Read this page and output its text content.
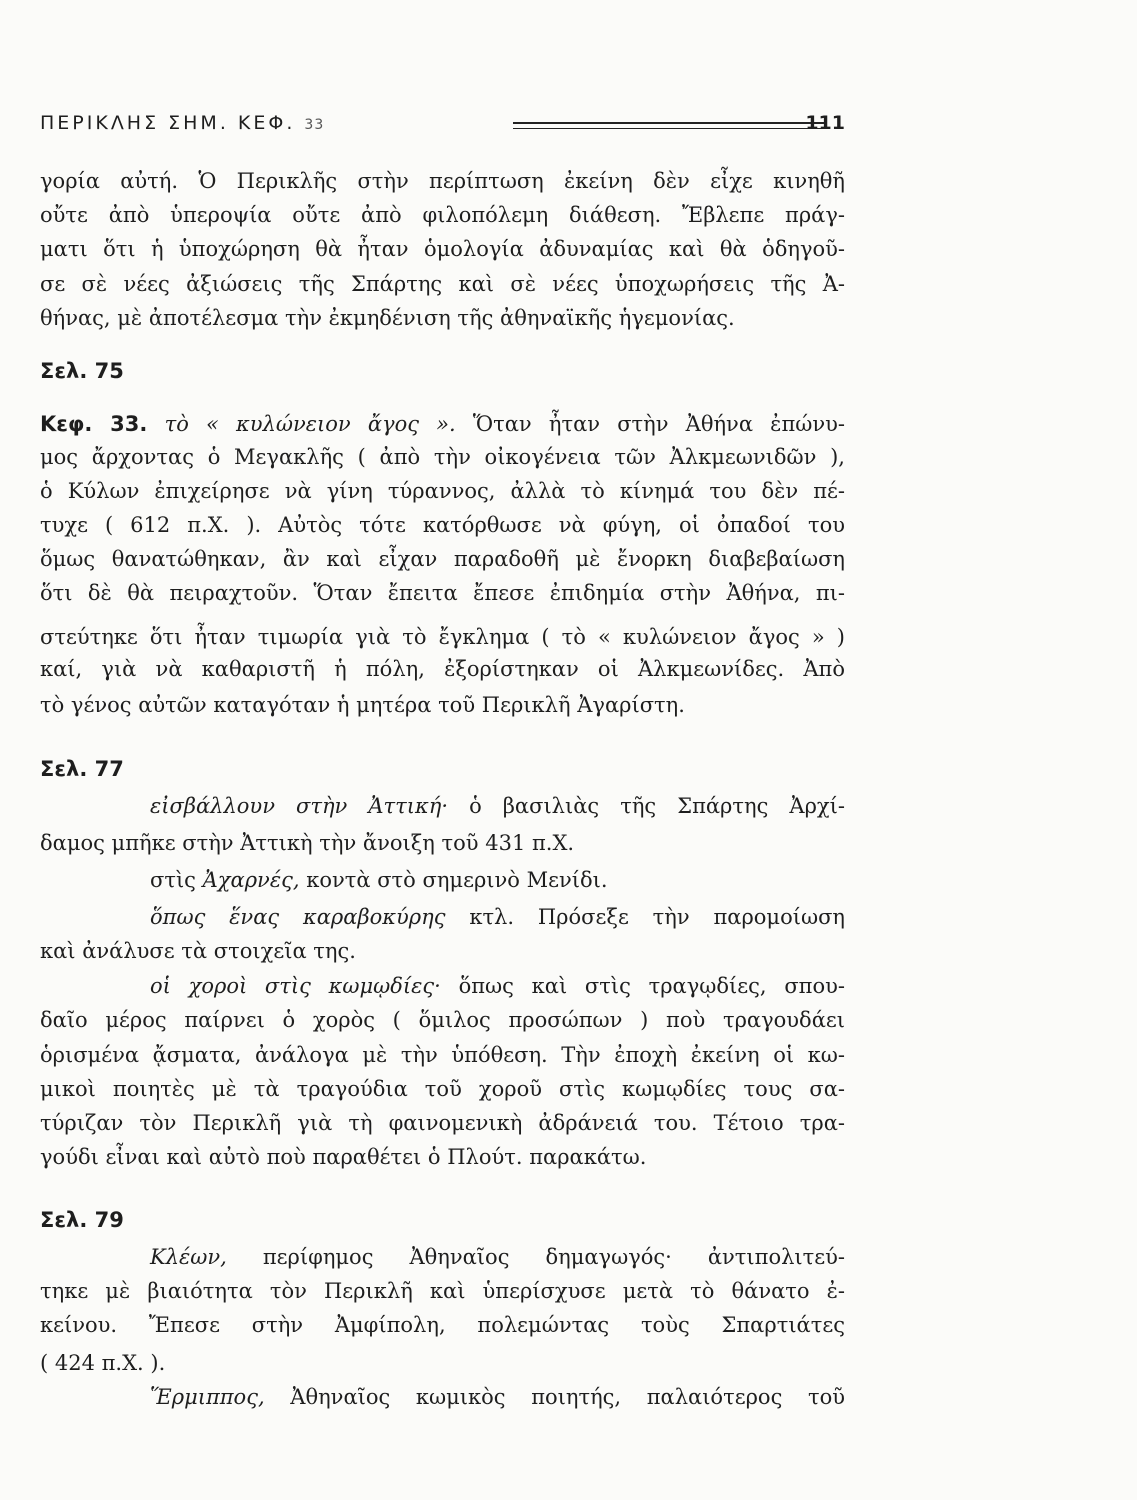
ΠΕΡΙΚΛΗΣ ΣΗΜ. ΚΕΦ. 33	111
γορία αὐτή. Ὁ Περικλῆς στὴν περίπτωση ἐκείνη δὲν εἶχε κινηθῆ
οὔτε ἀπὸ ὑπεροψία οὔτε ἀπὸ φιλοπόλεμη διάθεση. Ἔβλεπε πράγ-
ματι ὅτι ἡ ὑποχώρηση θὰ ἦταν ὁμολογία ἀδυναμίας καὶ θὰ ὁδηγοῦ-
σε σὲ νέες ἀξιώσεις τῆς Σπάρτης καὶ σὲ νέες ὑποχωρήσεις τῆς Ἀ-
θήνας, μὲ ἀποτέλεσμα τὴν ἐκμηδένιση τῆς ἀθηναϊκῆς ἡγεμονίας.
Σελ. 75
Κεφ. 33. τὸ « κυλώνειον ἄγος ». Ὅταν ἦταν στὴν Ἀθήνα ἐπώνυ-
μος ἄρχοντας ὁ Μεγακλῆς ( ἀπὸ τὴν οἰκογένεια τῶν Ἀλκμεωνιδῶν ),
ὁ Κύλων ἐπιχείρησε νὰ γίνη τύραννος, ἀλλὰ τὸ κίνημά του δὲν πέ-
τυχε ( 612 π.Χ. ). Αὐτὸς τότε κατόρθωσε νὰ φύγη, οἱ ὀπαδοί του
ὅμως θανατώθηκαν, ἂν καὶ εἶχαν παραδοθῆ μὲ ἔνορκη διαβεβαίωση
ὅτι δὲ θὰ πειραχτοῦν. Ὅταν ἔπειτα ἔπεσε ἐπιδημία στὴν Ἀθήνα, πι-
στεύτηκε ὅτι ἦταν τιμωρία γιὰ τὸ ἔγκλημα ( τὸ « κυλώνειον ἄγος » )
καί, γιὰ νὰ καθαριστῆ ἡ πόλη, ἐξορίστηκαν οἱ Ἀλκμεωνίδες. Ἀπὸ
τὸ γένος αὐτῶν καταγόταν ἡ μητέρα τοῦ Περικλῆ Ἀγαρίστη.
Σελ. 77
εἰσβάλλουν στὴν Ἀττική· ὁ βασιλιὰς τῆς Σπάρτης Ἀρχί-
δαμος μπῆκε στὴν Ἀττικὴ τὴν ἄνοιξη τοῦ 431 π.Χ.
στὶς Ἀχαρνές, κοντὰ στὸ σημερινὸ Μενίδι.
ὅπως ἕνας καραβοκύρης κτλ. Πρόσεξε τὴν παρομοίωση
καὶ ἀνάλυσε τὰ στοιχεῖα της.
οἱ χοροὶ στὶς κωμῳδίες· ὅπως καὶ στὶς τραγῳδίες, σπου-
δαῖο μέρος παίρνει ὁ χορὸς ( ὅμιλος προσώπων ) ποὺ τραγουδάει
ὁρισμένα ᾄσματα, ἀνάλογα μὲ τὴν ὑπόθεση. Τὴν ἐποχὴ ἐκείνη οἱ κω-
μικοὶ ποιητὲς μὲ τὰ τραγούδια τοῦ χοροῦ στὶς κωμῳδίες τους σα-
τύριζαν τὸν Περικλῆ γιὰ τὴ φαινομενικὴ ἀδράνειά του. Τέτοιο τρα-
γούδι εἶναι καὶ αὐτὸ ποὺ παραθέτει ὁ Πλούτ. παρακάτω.
Σελ. 79
Κλέων, περίφημος Ἀθηναῖος δημαγωγός· ἀντιπολιτεύ-
τηκε μὲ βιαιότητα τὸν Περικλῆ καὶ ὑπερίσχυσε μετὰ τὸ θάνατο ἐ-
κείνου. Ἔπεσε στὴν Ἀμφίπολη, πολεμώντας τοὺς Σπαρτιάτες
( 424 π.Χ. ).
Ἕρμιππος, Ἀθηναῖος κωμικὸς ποιητής, παλαιότερος τοῦ
